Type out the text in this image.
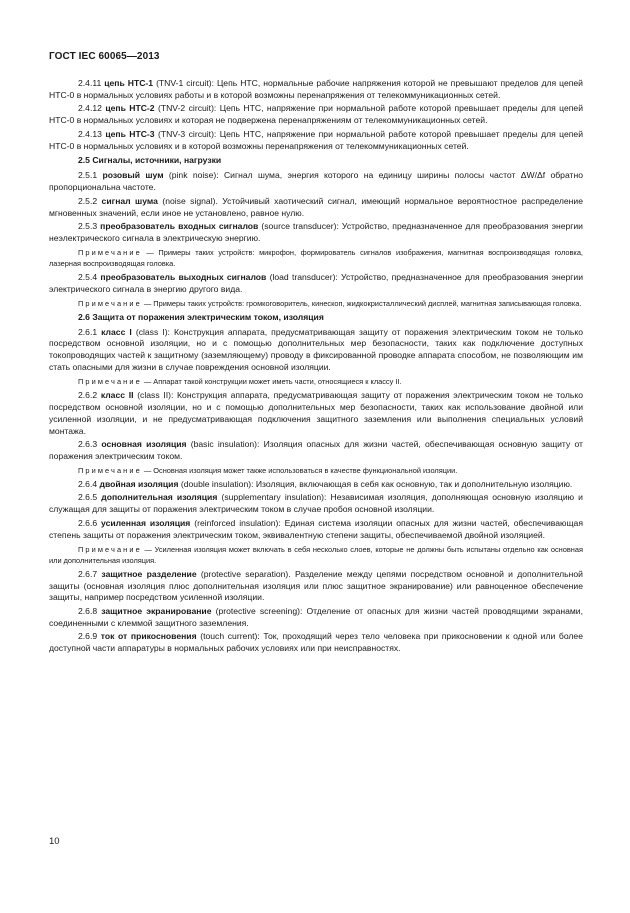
ГОСТ IEC 60065—2013
2.4.11 цепь НТС-1 (TNV-1 circuit): Цепь НТС, нормальные рабочие напряжения которой не превышают пределов для цепей НТС-0 в нормальных условиях работы и в которой возможны перенапряжения от телекоммуникационных сетей.
2.4.12 цепь НТС-2 (TNV-2 circuit): Цепь НТС, напряжение при нормальной работе которой превышает пределы для цепей НТС-0 в нормальных условиях и которая не подвержена перенапряжениям от телекоммуникационных сетей.
2.4.13 цепь НТС-3 (TNV-3 circuit): Цепь НТС, напряжение при нормальной работе которой превышает пределы для цепей НТС-0 в нормальных условиях и в которой возможны перенапряжения от телекоммуникационных сетей.
2.5 Сигналы, источники, нагрузки
2.5.1 розовый шум (pink noise): Сигнал шума, энергия которого на единицу ширины полосы частот ΔW/Δf обратно пропорциональна частоте.
2.5.2 сигнал шума (noise signal). Устойчивый хаотический сигнал, имеющий нормальное вероятностное распределение мгновенных значений, если иное не установлено, равное нулю.
2.5.3 преобразователь входных сигналов (source transducer): Устройство, предназначенное для преобразования энергии неэлектрического сигнала в электрическую энергию.
Примечание — Примеры таких устройств: микрофон, формирователь сигналов изображения, магнитная воспроизводящая головка, лазерная воспроизводящая головка.
2.5.4 преобразователь выходных сигналов (load transducer): Устройство, предназначенное для преобразования энергии электрического сигнала в энергию другого вида.
Примечание — Примеры таких устройств: громкоговоритель, кинескоп, жидкокристаллический дисплей, магнитная записывающая головка.
2.6 Защита от поражения электрическим током, изоляция
2.6.1 класс I (class I): Конструкция аппарата, предусматривающая защиту от поражения электрическим током не только посредством основной изоляции, но и с помощью дополнительных мер безопасности, таких как подключение доступных токопроводящих частей к защитному (заземляющему) проводу в фиксированной проводке аппарата способом, не позволяющим им стать опасными для жизни в случае повреждения основной изоляции.
Примечание — Аппарат такой конструкции может иметь части, относящиеся к классу II.
2.6.2 класс II (class II): Конструкция аппарата, предусматривающая защиту от поражения электрическим током не только посредством основной изоляции, но и с помощью дополнительных мер безопасности, таких как использование двойной или усиленной изоляции, и не предусматривающая подключения защитного заземления или выполнения специальных условий монтажа.
2.6.3 основная изоляция (basic insulation): Изоляция опасных для жизни частей, обеспечивающая основную защиту от поражения электрическим током.
Примечание — Основная изоляция может также использоваться в качестве функциональной изоляции.
2.6.4 двойная изоляция (double insulation): Изоляция, включающая в себя как основную, так и дополнительную изоляцию.
2.6.5 дополнительная изоляция (supplementary insulation): Независимая изоляция, дополняющая основную изоляцию и служащая для защиты от поражения электрическим током в случае пробоя основной изоляции.
2.6.6 усиленная изоляция (reinforced insulation): Единая система изоляции опасных для жизни частей, обеспечивающая степень защиты от поражения электрическим током, эквивалентную степени защиты, обеспечиваемой двойной изоляцией.
Примечание — Усиленная изоляция может включать в себя несколько слоев, которые не должны быть испытаны отдельно как основная или дополнительная изоляция.
2.6.7 защитное разделение (protective separation). Разделение между цепями посредством основной и дополнительной защиты (основная изоляция плюс дополнительная изоляция или плюс защитное экранирование) или равноценное обеспечение защиты, например посредством усиленной изоляции.
2.6.8 защитное экранирование (protective screening): Отделение от опасных для жизни частей проводящими экранами, соединенными с клеммой защитного заземления.
2.6.9 ток от прикосновения (touch current): Ток, проходящий через тело человека при прикосновении к одной или более доступной части аппаратуры в нормальных рабочих условиях или при неисправностях.
10
